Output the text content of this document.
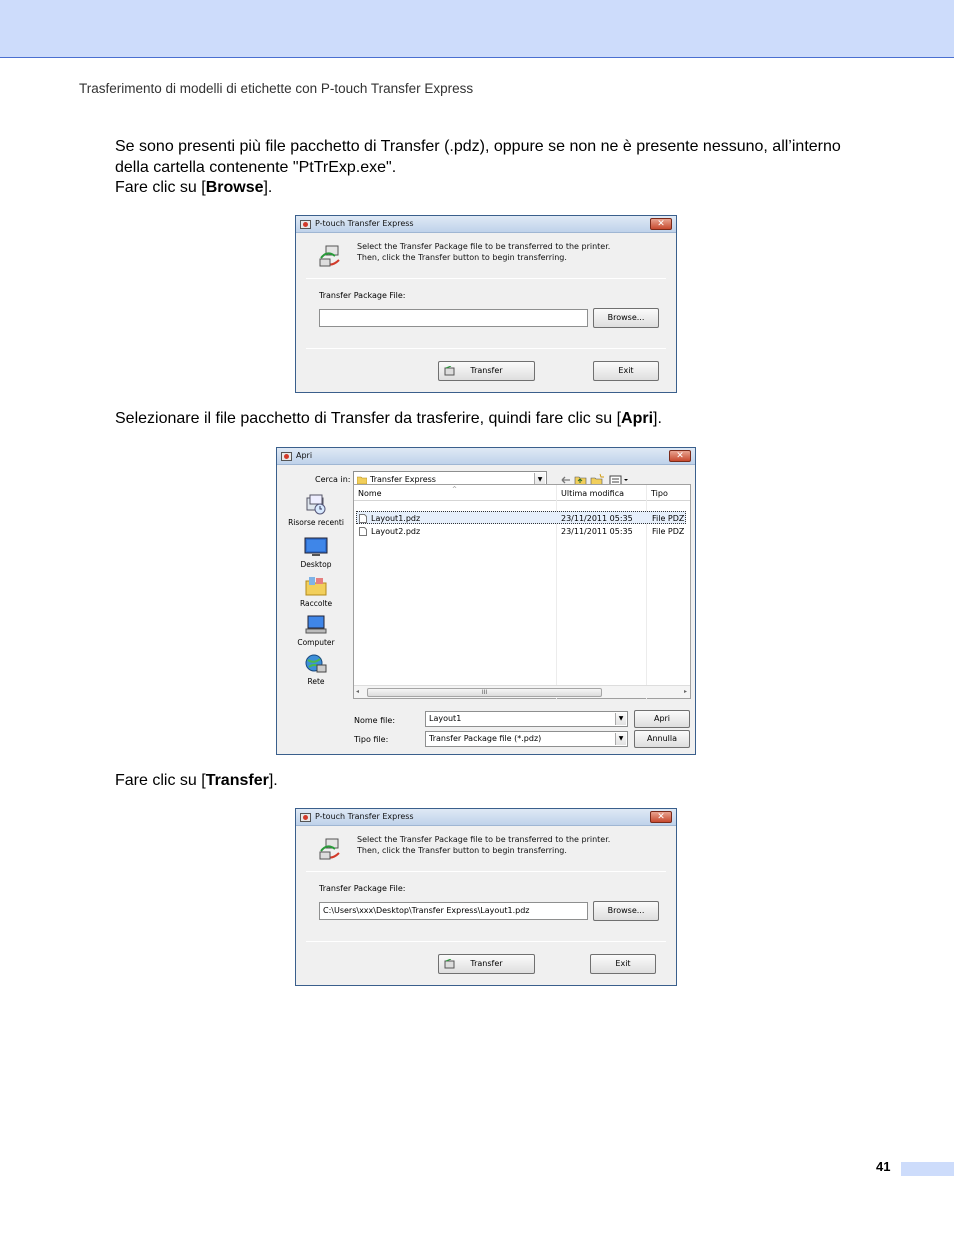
Trasferimento di modelli di etichette con P-touch Transfer Express
Se sono presenti più file pacchetto di Transfer (.pdz), oppure se non ne è presente nessuno, all’interno
della cartella contenente "PtTrExp.exe".
Fare clic su [Browse].
P-touch Transfer Express	✕
Select the Transfer Package file to be transferred to the printer.
Then, click the Transfer button to begin transferring.
Transfer Package File:
Browse...
Transfer	Exit
Selezionare il file pacchetto di Transfer da trasferire, quindi fare clic su [Apri].
Apri	✕
Cerca in:	Transfer Express	▼
Risorse recenti
Desktop
Raccolte
Computer
Rete
Nome	^	Ultima modifica	Tipo
Layout1.pdz	23/11/2011 05:35 File PDZ
Layout2.pdz	23/11/2011 05:35 File PDZ
◂	III	▸
Nome file:	Layout1	▼	Apri
Tipo file:	Transfer Package file (*.pdz)	▼	Annulla
Fare clic su [Transfer].
P-touch Transfer Express	✕
Select the Transfer Package file to be transferred to the printer.
Then, click the Transfer button to begin transferring.
Transfer Package File:
C:\Users\xxx\Desktop\Transfer Express\Layout1.pdz	Browse...
Transfer	Exit
41
